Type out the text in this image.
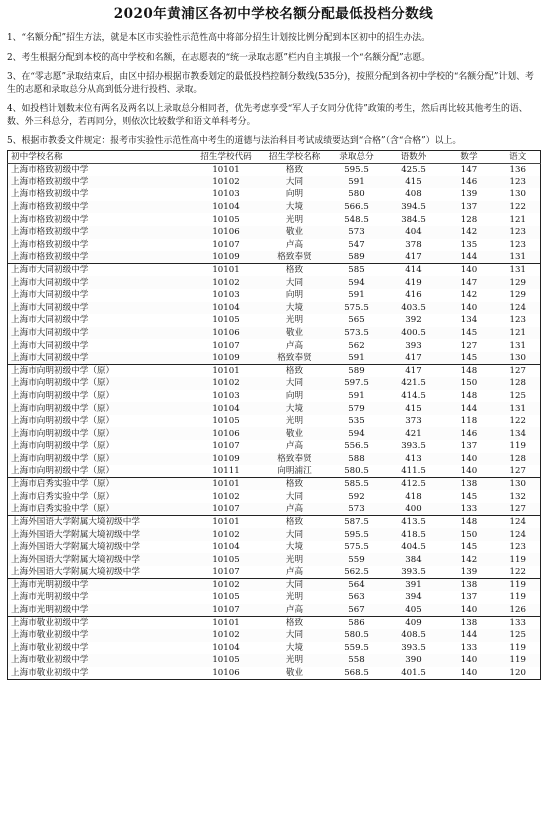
2020年黄浦区各初中学校名额分配最低投档分数线

1、“名额分配”招生方法，就是本区市实验性示范性高中将部分招生计划按比例分配到本区初中的招生办法。

2、考生根据分配到本校的高中学校和名额，在志愿表的“统一录取志愿”栏内自主填报一个“名额分配”志愿。

3、在“零志愿”录取结束后，由区中招办根据市教委划定的最低投档控制分数线(535分)，按照分配到各初中学校的“名额分配”计划、考生的志愿和录取总分从高到低分进行投档、录取。

4、如投档计划数末位有两名及两名以上录取总分相同者，优先考虑享受“军人子女同分优待”政策的考生，然后再比较其他考生的语、数、外三科总分，若再同分，则依次比较数学和语文单科考分。

5、根据市教委文件规定：报考市实验性示范性高中考生的道德与法治科目考试成绩要达到“合格”（含“合格”）以上。

初中学校名称	招生学校代码	招生学校名称	录取总分	语数外	数学	语文
上海市格致初级中学	10101	格致	595.5	425.5	147	136
上海市格致初级中学	10102	大同	591	415	146	123
上海市格致初级中学	10103	向明	580	408	139	130
上海市格致初级中学	10104	大境	566.5	394.5	137	122
上海市格致初级中学	10105	光明	548.5	384.5	128	121
上海市格致初级中学	10106	敬业	573	404	142	123
上海市格致初级中学	10107	卢高	547	378	135	123
上海市格致初级中学	10109	格致奉贤	589	417	144	131
上海市大同初级中学	10101	格致	585	414	140	131
上海市大同初级中学	10102	大同	594	419	147	129
上海市大同初级中学	10103	向明	591	416	142	129
上海市大同初级中学	10104	大境	575.5	403.5	140	124
上海市大同初级中学	10105	光明	565	392	134	123
上海市大同初级中学	10106	敬业	573.5	400.5	145	121
上海市大同初级中学	10107	卢高	562	393	127	131
上海市大同初级中学	10109	格致奉贤	591	417	145	130
上海市向明初级中学（原）	10101	格致	589	417	148	127
上海市向明初级中学（原）	10102	大同	597.5	421.5	150	128
上海市向明初级中学（原）	10103	向明	591	414.5	148	125
上海市向明初级中学（原）	10104	大境	579	415	144	131
上海市向明初级中学（原）	10105	光明	535	373	118	122
上海市向明初级中学（原）	10106	敬业	594	421	146	134
上海市向明初级中学（原）	10107	卢高	556.5	393.5	137	119
上海市向明初级中学（原）	10109	格致奉贤	588	413	140	128
上海市向明初级中学（原）	10111	向明浦江	580.5	411.5	140	127
上海市启秀实验中学（原）	10101	格致	585.5	412.5	138	130
上海市启秀实验中学（原）	10102	大同	592	418	145	132
上海市启秀实验中学（原）	10107	卢高	573	400	133	127
上海外国语大学附属大境初级中学	10101	格致	587.5	413.5	148	124
上海外国语大学附属大境初级中学	10102	大同	595.5	418.5	150	124
上海外国语大学附属大境初级中学	10104	大境	575.5	404.5	145	123
上海外国语大学附属大境初级中学	10105	光明	559	384	142	119
上海外国语大学附属大境初级中学	10107	卢高	562.5	393.5	139	122
上海市光明初级中学	10102	大同	564	391	138	119
上海市光明初级中学	10105	光明	563	394	137	119
上海市光明初级中学	10107	卢高	567	405	140	126
上海市敬业初级中学	10101	格致	586	409	138	133
上海市敬业初级中学	10102	大同	580.5	408.5	144	125
上海市敬业初级中学	10104	大境	559.5	393.5	133	119
上海市敬业初级中学	10105	光明	558	390	140	119
上海市敬业初级中学	10106	敬业	568.5	401.5	140	120
